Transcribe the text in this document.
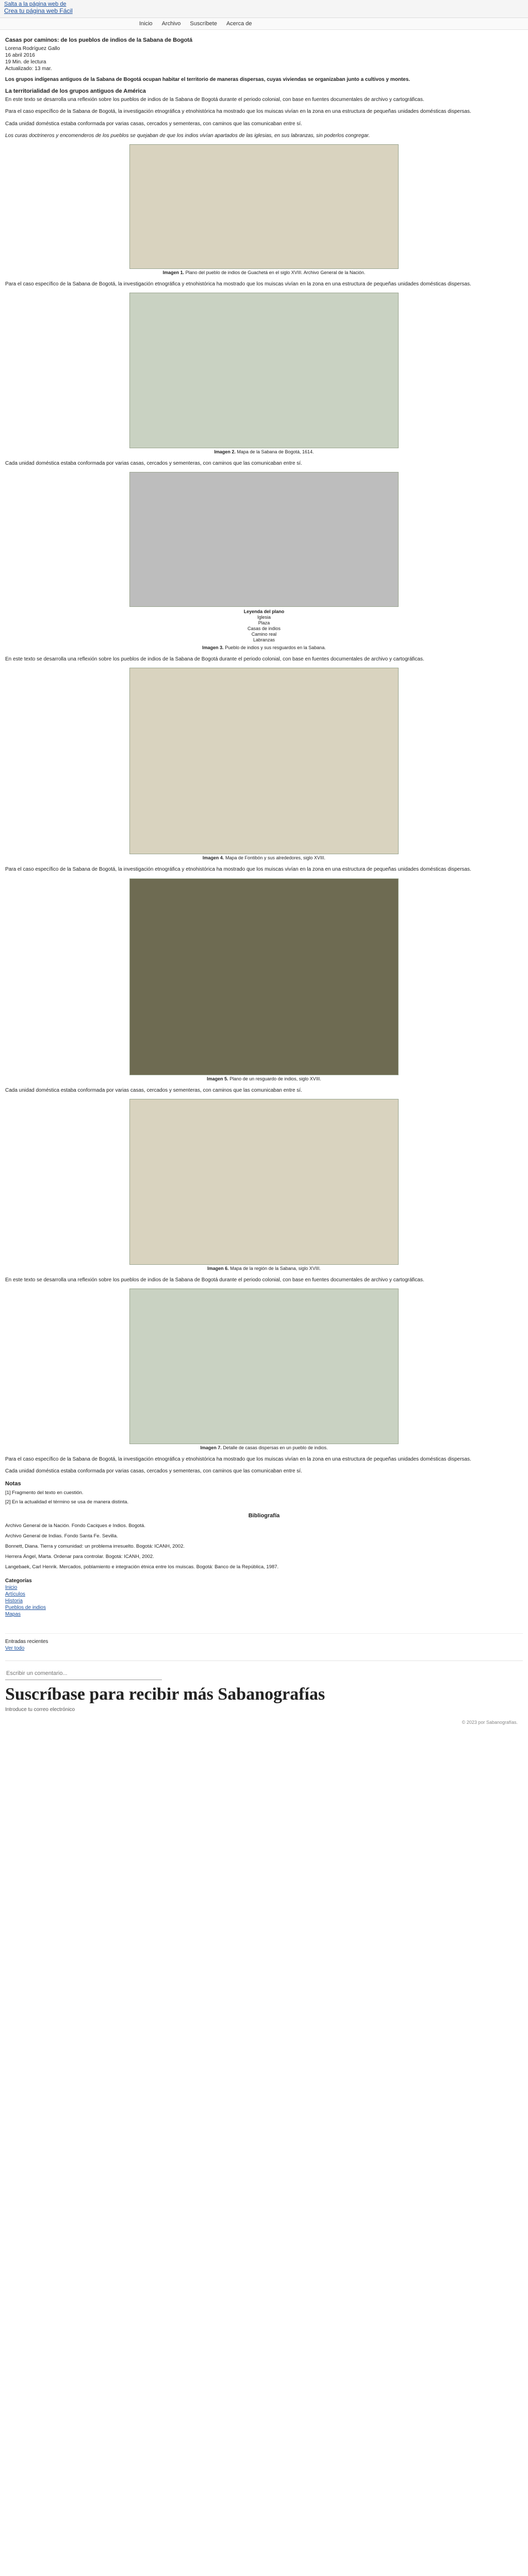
Salta a la página web de
Crea tu página web Fácil
Inicio Archivo Suscríbete Acerca de
Casas por caminos: de los pueblos de indios de la Sabana de Bogotá
Lorena Rodríguez Gallo
16 abril 2016
19 Min. de lectura
Actualizado: 13 mar.

Los grupos indígenas antiguos de la Sabana de Bogotá ocupan habitar el territorio de maneras dispersas, cuyas viviendas se organizaban junto a cultivos y montes.

La territorialidad de los grupos antiguos de América

En este texto se desarrolla una reflexión sobre los pueblos de indios de la Sabana de Bogotá durante el periodo colonial, con base en fuentes documentales de archivo y cartográficas.

Para el caso específico de la Sabana de Bogotá, la investigación etnográfica y etnohistórica ha mostrado que los muiscas vivían en la zona en una estructura de pequeñas unidades domésticas dispersas.

Cada unidad doméstica estaba conformada por varias casas, cercados y sementeras, con caminos que las comunicaban entre sí.

Los curas doctrineros y encomenderos de los pueblos se quejaban de que los indios vivían apartados de las iglesias, en sus labranzas, sin poderlos congregar.
Imagen 1. Plano del pueblo de indios de Guachetá en el siglo XVIII. Archivo General de la Nación.

Para el caso específico de la Sabana de Bogotá, la investigación etnográfica y etnohistórica ha mostrado que los muiscas vivían en la zona en una estructura de pequeñas unidades domésticas dispersas.

Imagen 2. Mapa de la Sabana de Bogotá, 1614.

Cada unidad doméstica estaba conformada por varias casas, cercados y sementeras, con caminos que las comunicaban entre sí.

Leyenda del plano
Iglesia
Plaza
Casas de indios
Camino real
Labranzas
Imagen 3. Pueblo de indios y sus resguardos en la Sabana.

En este texto se desarrolla una reflexión sobre los pueblos de indios de la Sabana de Bogotá durante el periodo colonial, con base en fuentes documentales de archivo y cartográficas.

Imagen 4. Mapa de Fontibón y sus alrededores, siglo XVIII.

Para el caso específico de la Sabana de Bogotá, la investigación etnográfica y etnohistórica ha mostrado que los muiscas vivían en la zona en una estructura de pequeñas unidades domésticas dispersas.

Imagen 5. Plano de un resguardo de indios, siglo XVIII.

Cada unidad doméstica estaba conformada por varias casas, cercados y sementeras, con caminos que las comunicaban entre sí.

Imagen 6. Mapa de la región de la Sabana, siglo XVIII.

En este texto se desarrolla una reflexión sobre los pueblos de indios de la Sabana de Bogotá durante el periodo colonial, con base en fuentes documentales de archivo y cartográficas.

Imagen 7. Detalle de casas dispersas en un pueblo de indios.

Para el caso específico de la Sabana de Bogotá, la investigación etnográfica y etnohistórica ha mostrado que los muiscas vivían en la zona en una estructura de pequeñas unidades domésticas dispersas.

Cada unidad doméstica estaba conformada por varias casas, cercados y sementeras, con caminos que las comunicaban entre sí.

Notas

[1] Fragmento del texto en cuestión.

[2] En la actualidad el término se usa de manera distinta.

Bibliografía

Archivo General de la Nación. Fondo Caciques e Indios. Bogotá.

Archivo General de Indias. Fondo Santa Fe. Sevilla.

Bonnett, Diana. Tierra y comunidad: un problema irresuelto. Bogotá: ICANH, 2002.

Herrera Ángel, Marta. Ordenar para controlar. Bogotá: ICANH, 2002.

Langebaek, Carl Henrik. Mercados, poblamiento e integración étnica entre los muiscas. Bogotá: Banco de la República, 1987.

Categorías
Inicio
Artículos
Historia
Pueblos de indios
Mapas
Entradas recientes
Ver todo
Escribir un comentario...
Suscríbase para recibir más Sabanografías
Introduce tu correo electrónico
© 2023 por Sabanografías.
